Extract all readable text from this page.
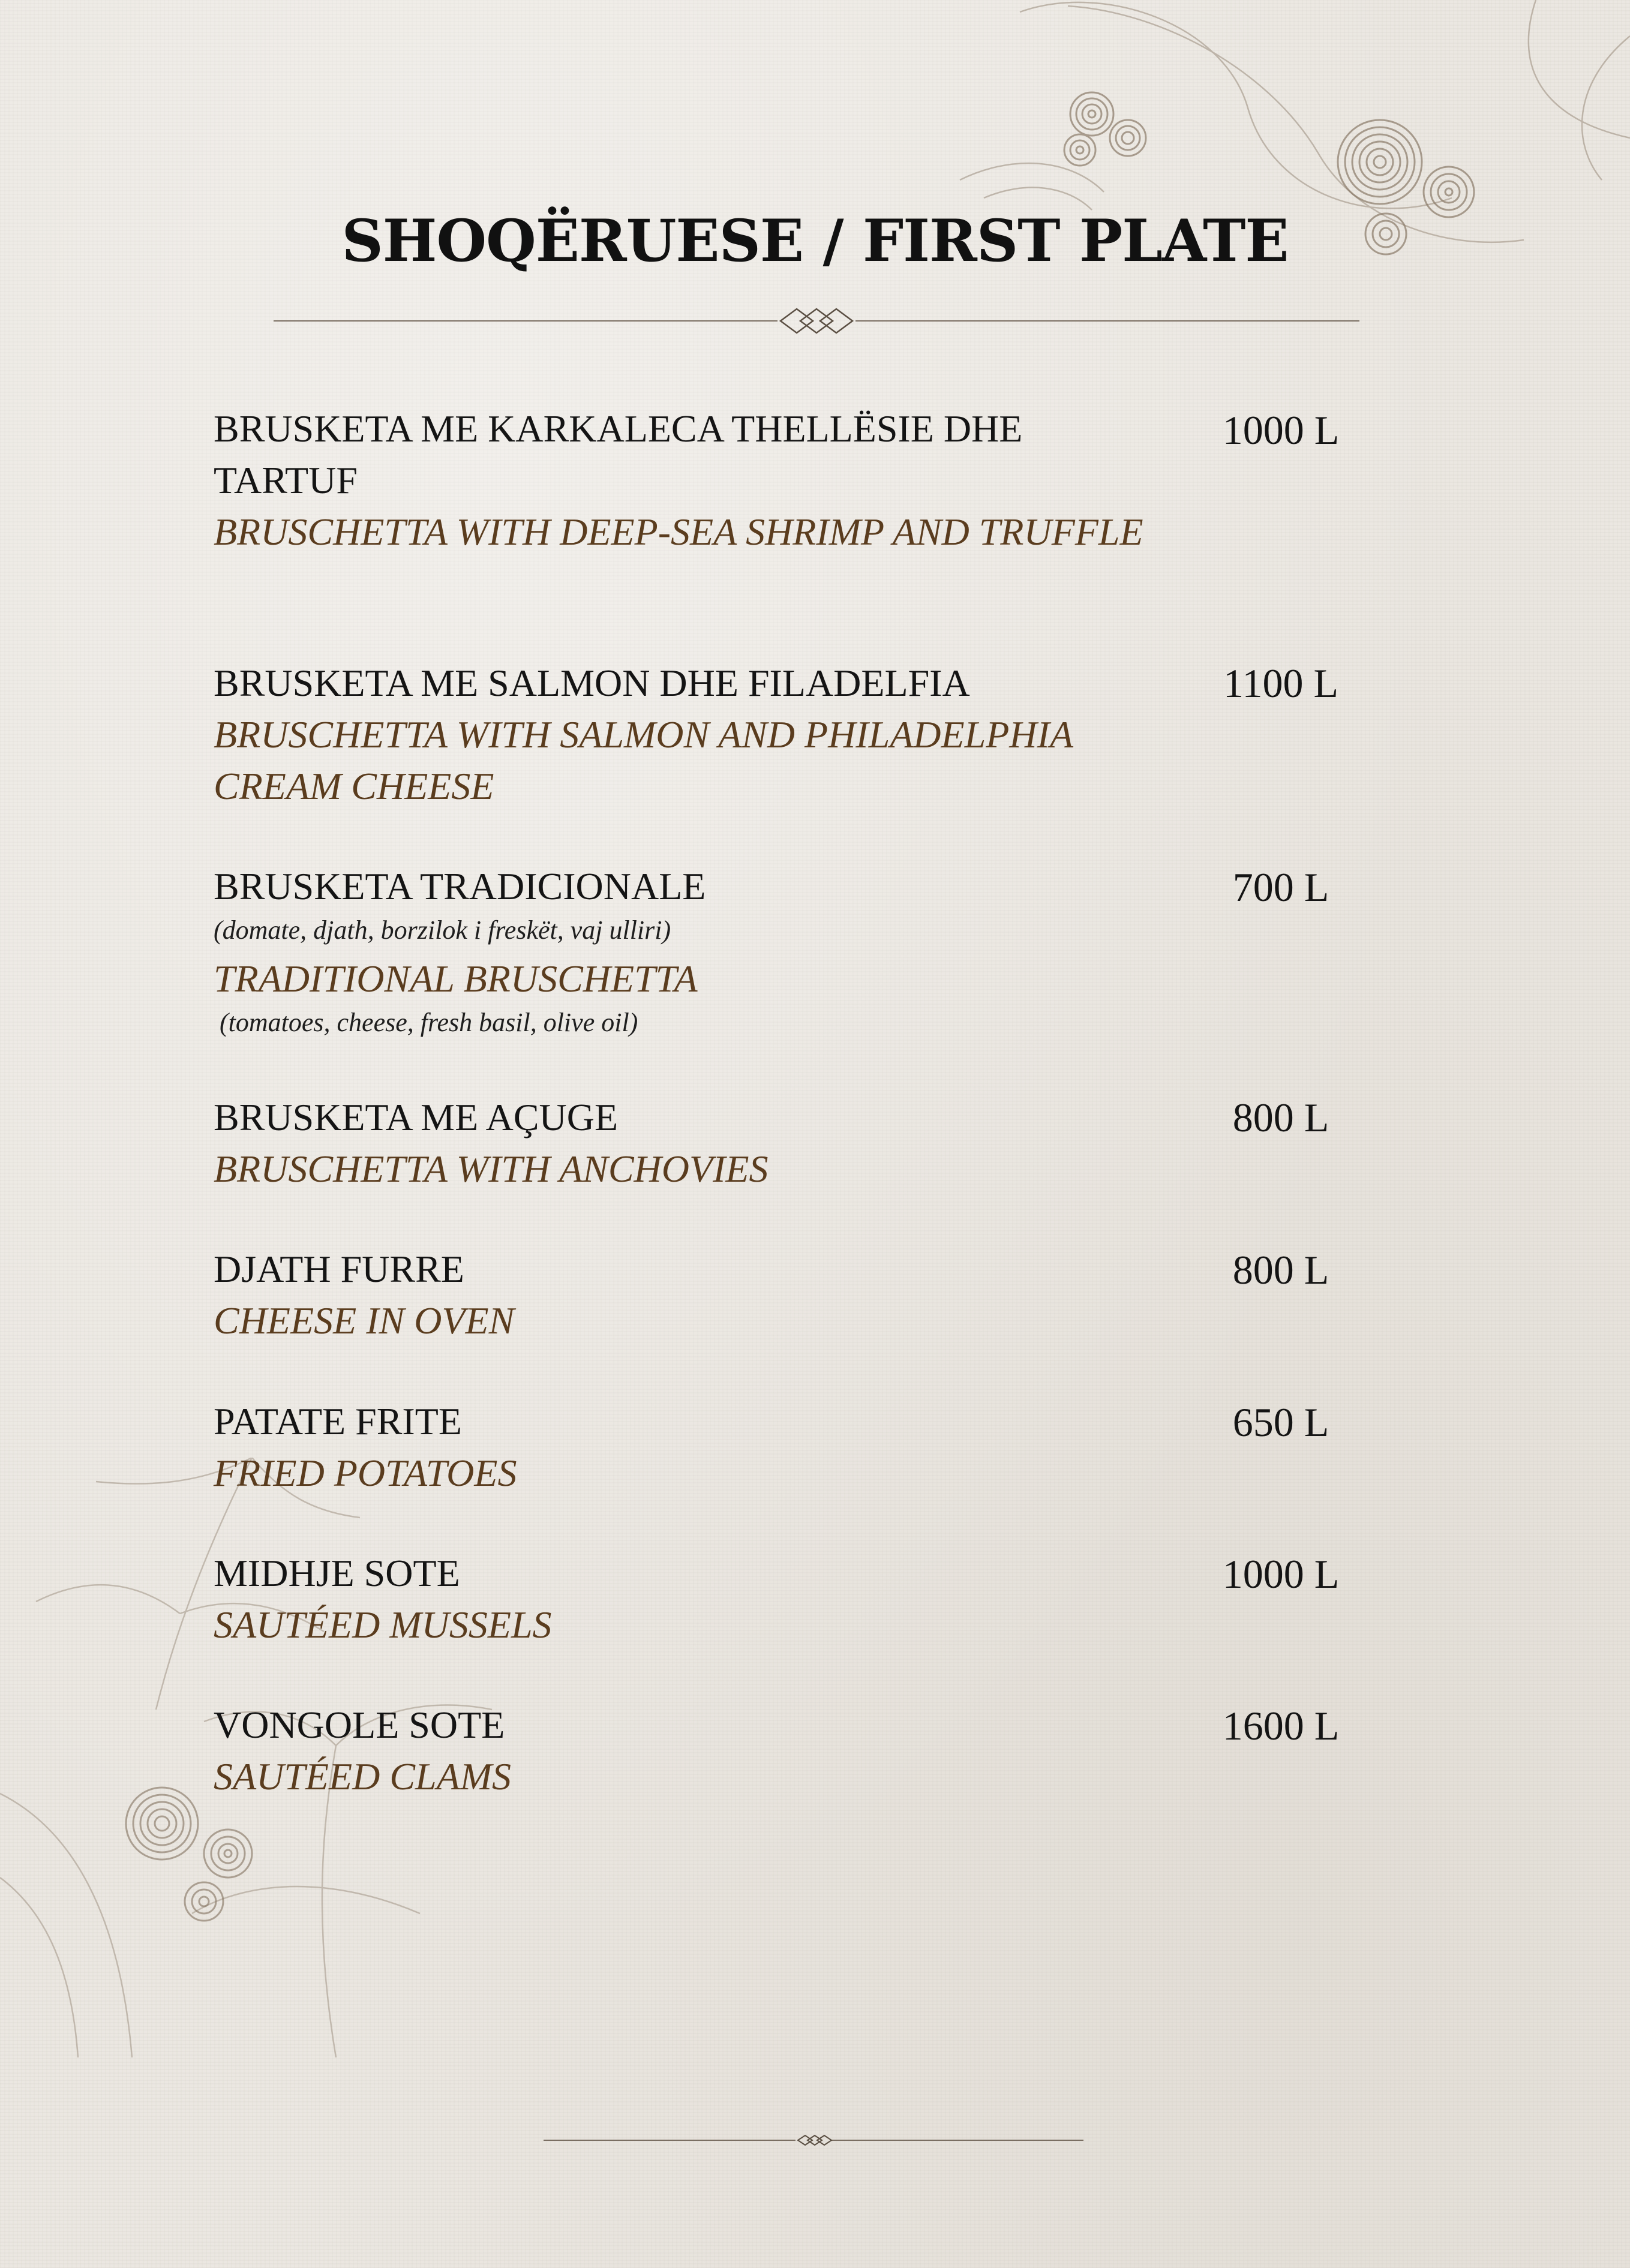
SHOQËRUESE / FIRST PLATE
BRUSKETA ME KARKALECA THELLËSIE DHE TARTUF
BRUSCHETTA WITH DEEP-SEA SHRIMP AND TRUFFLE
1000 L
BRUSKETA ME SALMON DHE FILADELFIA
BRUSCHETTA WITH SALMON AND PHILADELPHIA CREAM CHEESE
1100 L
BRUSKETA TRADICIONALE
(domate, djath, borzilok i freskët, vaj ulliri)
TRADITIONAL BRUSCHETTA
(tomatoes, cheese, fresh basil, olive oil)
700 L
BRUSKETA ME AÇUGE
BRUSCHETTA WITH ANCHOVIES
800 L
DJATH FURRE
CHEESE IN OVEN
800 L
PATATE FRITE
FRIED POTATOES
650 L
MIDHJE SOTE
SAUTÉED MUSSELS
1000 L
VONGOLE SOTE
SAUTÉED CLAMS
1600 L
